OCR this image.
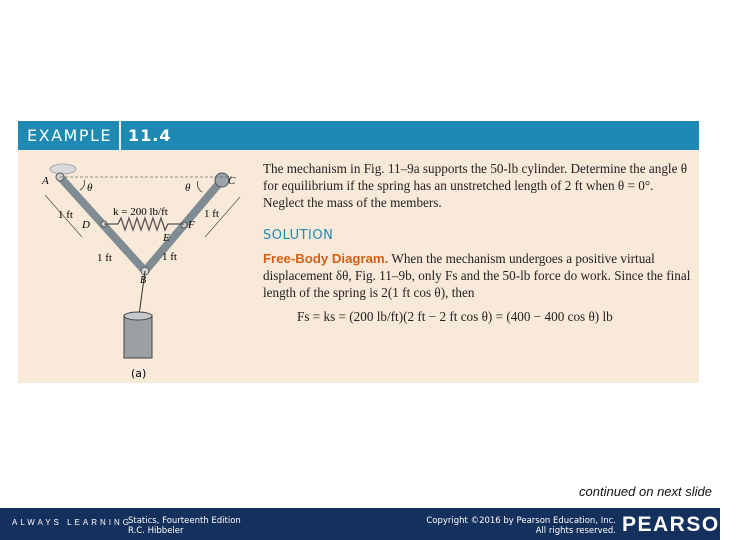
EXAMPLE 11.4
A
θ	θ
C
k = 200 lb/ft
1 ft	1 ft
D	F
E
1 ft	1 ft
B
(a)

The mechanism in Fig. 11–9a supports the 50-lb cylinder. Determine the angle θ for equilibrium if the spring has an unstretched length of 2 ft when θ = 0°. Neglect the mass of the members.

SOLUTION

Free-Body Diagram. When the mechanism undergoes a positive virtual displacement δθ, Fig. 11–9b, only Fs and the 50-lb force do work. Since the final length of the spring is 2(1 ft cos θ), then

Fs = ks = (200 lb/ft)(2 ft − 2 ft cos θ) = (400 − 400 cos θ) lb
continued on next slide
ALWAYS LEARNING
Statics, Fourteenth Edition
R.C. Hibbeler
Copyright ©2016 by Pearson Education, Inc.
All rights reserved. PEARSON
